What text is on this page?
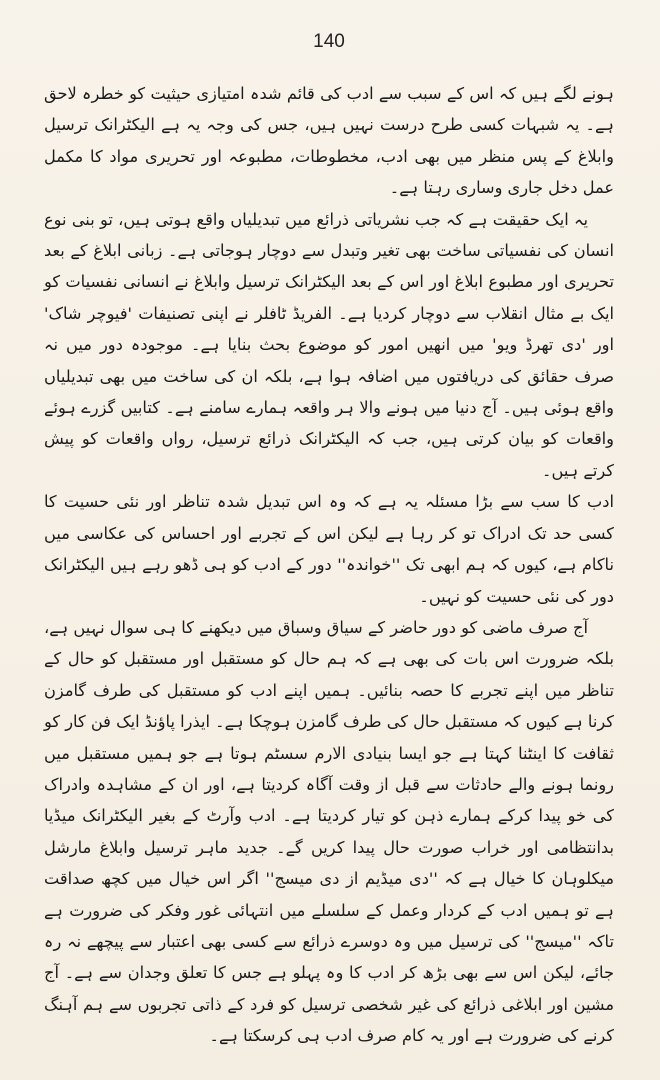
140

ہونے لگے ہیں کہ اس کے سبب سے ادب کی قائم شدہ امتیازی حیثیت کو خطرہ لاحق ہے۔ یہ شبہات کسی طرح درست نہیں ہیں، جس کی وجہ یہ ہے الیکٹرانک ترسیل وابلاغ کے پس منظر میں بھی ادب، مخطوطات، مطبوعہ اور تحریری مواد کا مکمل عمل دخل جاری وساری رہتا ہے۔

یہ ایک حقیقت ہے کہ جب نشریاتی ذرائع میں تبدیلیاں واقع ہوتی ہیں، تو بنی نوع انسان کی نفسیاتی ساخت بھی تغیر وتبدل سے دوچار ہوجاتی ہے۔ زبانی ابلاغ کے بعد تحریری اور مطبوع ابلاغ اور اس کے بعد الیکٹرانک ترسیل وابلاغ نے انسانی نفسیات کو ایک بے مثال انقلاب سے دوچار کردیا ہے۔ الفریڈ ٹافلر نے اپنی تصنیفات 'فیوچر شاک' اور 'دی تھرڈ ویو' میں انھیں امور کو موضوع بحث بنایا ہے۔ موجودہ دور میں نہ صرف حقائق کی دریافتوں میں اضافہ ہوا ہے، بلکہ ان کی ساخت میں بھی تبدیلیاں واقع ہوئی ہیں۔ آج دنیا میں ہونے والا ہر واقعہ ہمارے سامنے ہے۔ کتابیں گزرے ہوئے واقعات کو بیان کرتی ہیں، جب کہ الیکٹرانک ذرائع ترسیل، رواں واقعات کو پیش کرتے ہیں۔

ادب کا سب سے بڑا مسئلہ یہ ہے کہ وہ اس تبدیل شدہ تناظر اور نئی حسیت کا کسی حد تک ادراک تو کر رہا ہے لیکن اس کے تجربے اور احساس کی عکاسی میں ناکام ہے، کیوں کہ ہم ابھی تک ''خواندہ'' دور کے ادب کو ہی ڈھو رہے ہیں الیکٹرانک دور کی نئی حسیت کو نہیں۔

آج صرف ماضی کو دور حاضر کے سیاق وسباق میں دیکھنے کا ہی سوال نہیں ہے، بلکہ ضرورت اس بات کی بھی ہے کہ ہم حال کو مستقبل اور مستقبل کو حال کے تناظر میں اپنے تجربے کا حصہ بنائیں۔ ہمیں اپنے ادب کو مستقبل کی طرف گامزن کرنا ہے کیوں کہ مستقبل حال کی طرف گامزن ہوچکا ہے۔ ایذرا پاؤنڈ ایک فن کار کو ثقافت کا اینٹنا کہتا ہے جو ایسا بنیادی الارم سسٹم ہوتا ہے جو ہمیں مستقبل میں رونما ہونے والے حادثات سے قبل از وقت آگاہ کردیتا ہے، اور ان کے مشاہدہ وادراک کی خو پیدا کرکے ہمارے ذہن کو تیار کردیتا ہے۔ ادب وآرٹ کے بغیر الیکٹرانک میڈیا بدانتظامی اور خراب صورت حال پیدا کریں گے۔ جدید ماہر ترسیل وابلاغ مارشل میکلوہان کا خیال ہے کہ ''دی میڈیم از دی میسج'' اگر اس خیال میں کچھ صداقت ہے تو ہمیں ادب کے کردار وعمل کے سلسلے میں انتہائی غور وفکر کی ضرورت ہے تاکہ ''میسج'' کی ترسیل میں وہ دوسرے ذرائع سے کسی بھی اعتبار سے پیچھے نہ رہ جائے، لیکن اس سے بھی بڑھ کر ادب کا وہ پہلو ہے جس کا تعلق وجدان سے ہے۔ آج مشین اور ابلاغی ذرائع کی غیر شخصی ترسیل کو فرد کے ذاتی تجربوں سے ہم آہنگ کرنے کی ضرورت ہے اور یہ کام صرف ادب ہی کرسکتا ہے۔
